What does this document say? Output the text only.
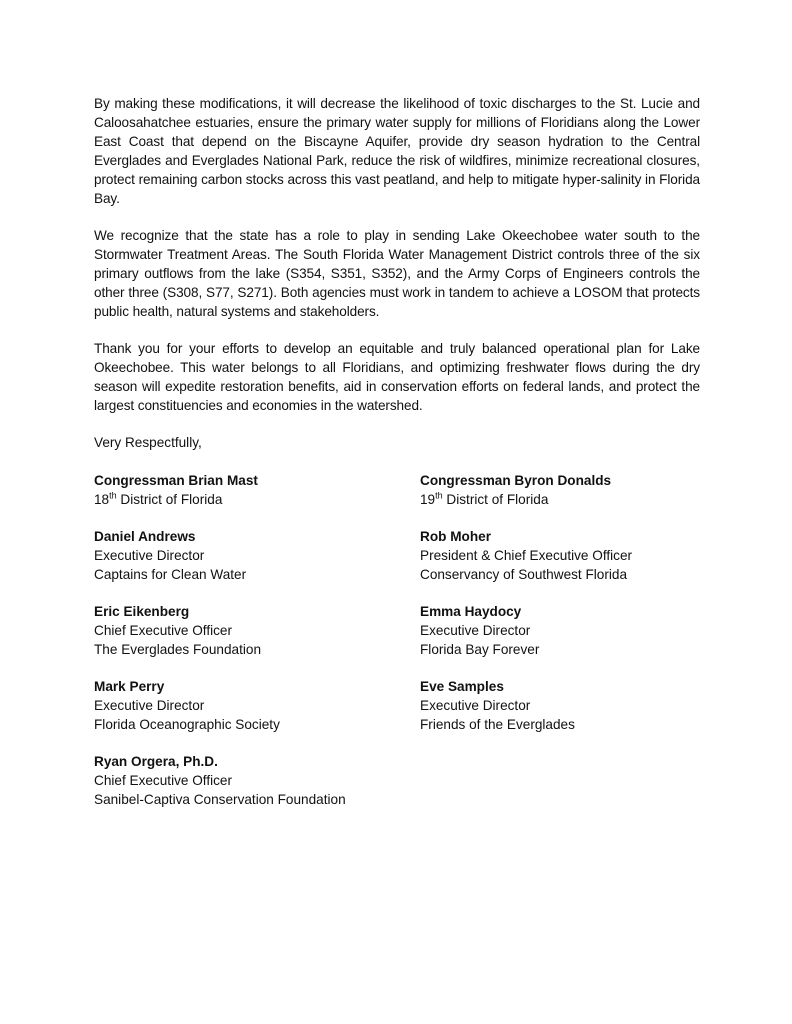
By making these modifications, it will decrease the likelihood of toxic discharges to the St. Lucie and Caloosahatchee estuaries, ensure the primary water supply for millions of Floridians along the Lower East Coast that depend on the Biscayne Aquifer, provide dry season hydration to the Central Everglades and Everglades National Park, reduce the risk of wildfires, minimize recreational closures, protect remaining carbon stocks across this vast peatland, and help to mitigate hyper-salinity in Florida Bay.

We recognize that the state has a role to play in sending Lake Okeechobee water south to the Stormwater Treatment Areas. The South Florida Water Management District controls three of the six primary outflows from the lake (S354, S351, S352), and the Army Corps of Engineers controls the other three (S308, S77, S271). Both agencies must work in tandem to achieve a LOSOM that protects public health, natural systems and stakeholders.

Thank you for your efforts to develop an equitable and truly balanced operational plan for Lake Okeechobee. This water belongs to all Floridians, and optimizing freshwater flows during the dry season will expedite restoration benefits, aid in conservation efforts on federal lands, and protect the largest constituencies and economies in the watershed.

Very Respectfully,
Congressman Brian Mast
18th District of Florida
Congressman Byron Donalds
19th District of Florida
Daniel Andrews
Executive Director
Captains for Clean Water
Rob Moher
President & Chief Executive Officer
Conservancy of Southwest Florida
Eric Eikenberg
Chief Executive Officer
The Everglades Foundation
Emma Haydocy
Executive Director
Florida Bay Forever
Mark Perry
Executive Director
Florida Oceanographic Society
Eve Samples
Executive Director
Friends of the Everglades
Ryan Orgera, Ph.D.
Chief Executive Officer
Sanibel-Captiva Conservation Foundation
